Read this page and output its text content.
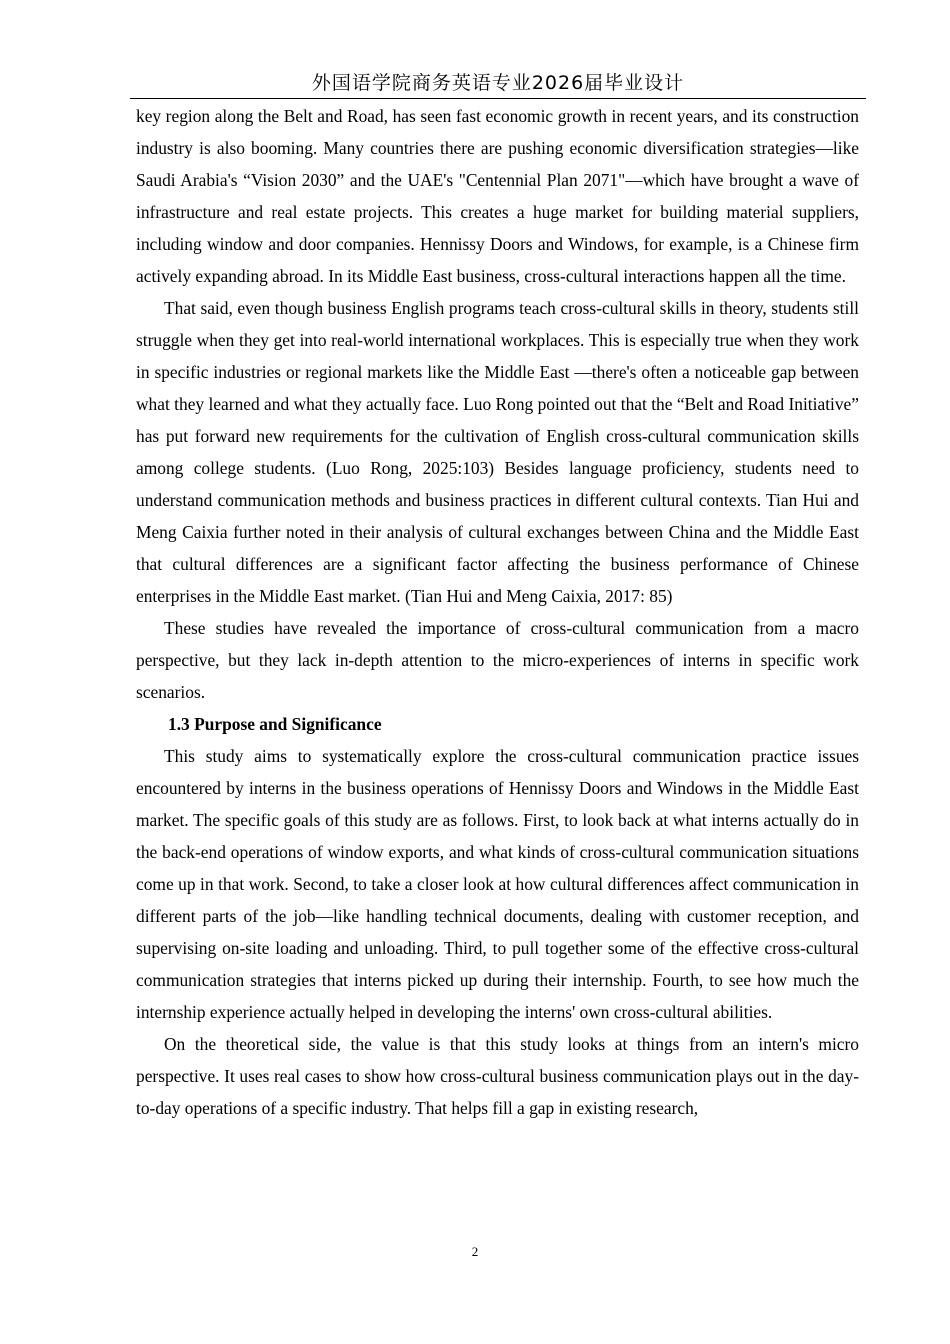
外国语学院商务英语专业2026届毕业设计

key region along the Belt and Road, has seen fast economic growth in recent years, and its construction industry is also booming. Many countries there are pushing economic diversification strategies—like Saudi Arabia's “Vision 2030” and the UAE's "Centennial Plan 2071"—which have brought a wave of infrastructure and real estate projects. This creates a huge market for building material suppliers, including window and door companies. Hennissy Doors and Windows, for example, is a Chinese firm actively expanding abroad. In its Middle East business, cross-cultural interactions happen all the time.

That said, even though business English programs teach cross-cultural skills in theory, students still struggle when they get into real-world international workplaces. This is especially true when they work in specific industries or regional markets like the Middle East —there's often a noticeable gap between what they learned and what they actually face. Luo Rong pointed out that the “Belt and Road Initiative” has put forward new requirements for the cultivation of English cross-cultural communication skills among college students. (Luo Rong, 2025:103) Besides language proficiency, students need to understand communication methods and business practices in different cultural contexts. Tian Hui and Meng Caixia further noted in their analysis of cultural exchanges between China and the Middle East that cultural differences are a significant factor affecting the business performance of Chinese enterprises in the Middle East market. (Tian Hui and Meng Caixia, 2017: 85)

These studies have revealed the importance of cross-cultural communication from a macro perspective, but they lack in-depth attention to the micro-experiences of interns in specific work scenarios.

1.3 Purpose and Significance

This study aims to systematically explore the cross-cultural communication practice issues encountered by interns in the business operations of Hennissy Doors and Windows in the Middle East market. The specific goals of this study are as follows. First, to look back at what interns actually do in the back-end operations of window exports, and what kinds of cross-cultural communication situations come up in that work. Second, to take a closer look at how cultural differences affect communication in different parts of the job—like handling technical documents, dealing with customer reception, and supervising on-site loading and unloading. Third, to pull together some of the effective cross-cultural communication strategies that interns picked up during their internship. Fourth, to see how much the internship experience actually helped in developing the interns' own cross-cultural abilities.

On the theoretical side, the value is that this study looks at things from an intern's micro perspective. It uses real cases to show how cross-cultural business communication plays out in the day-to-day operations of a specific industry. That helps fill a gap in existing research,

2
